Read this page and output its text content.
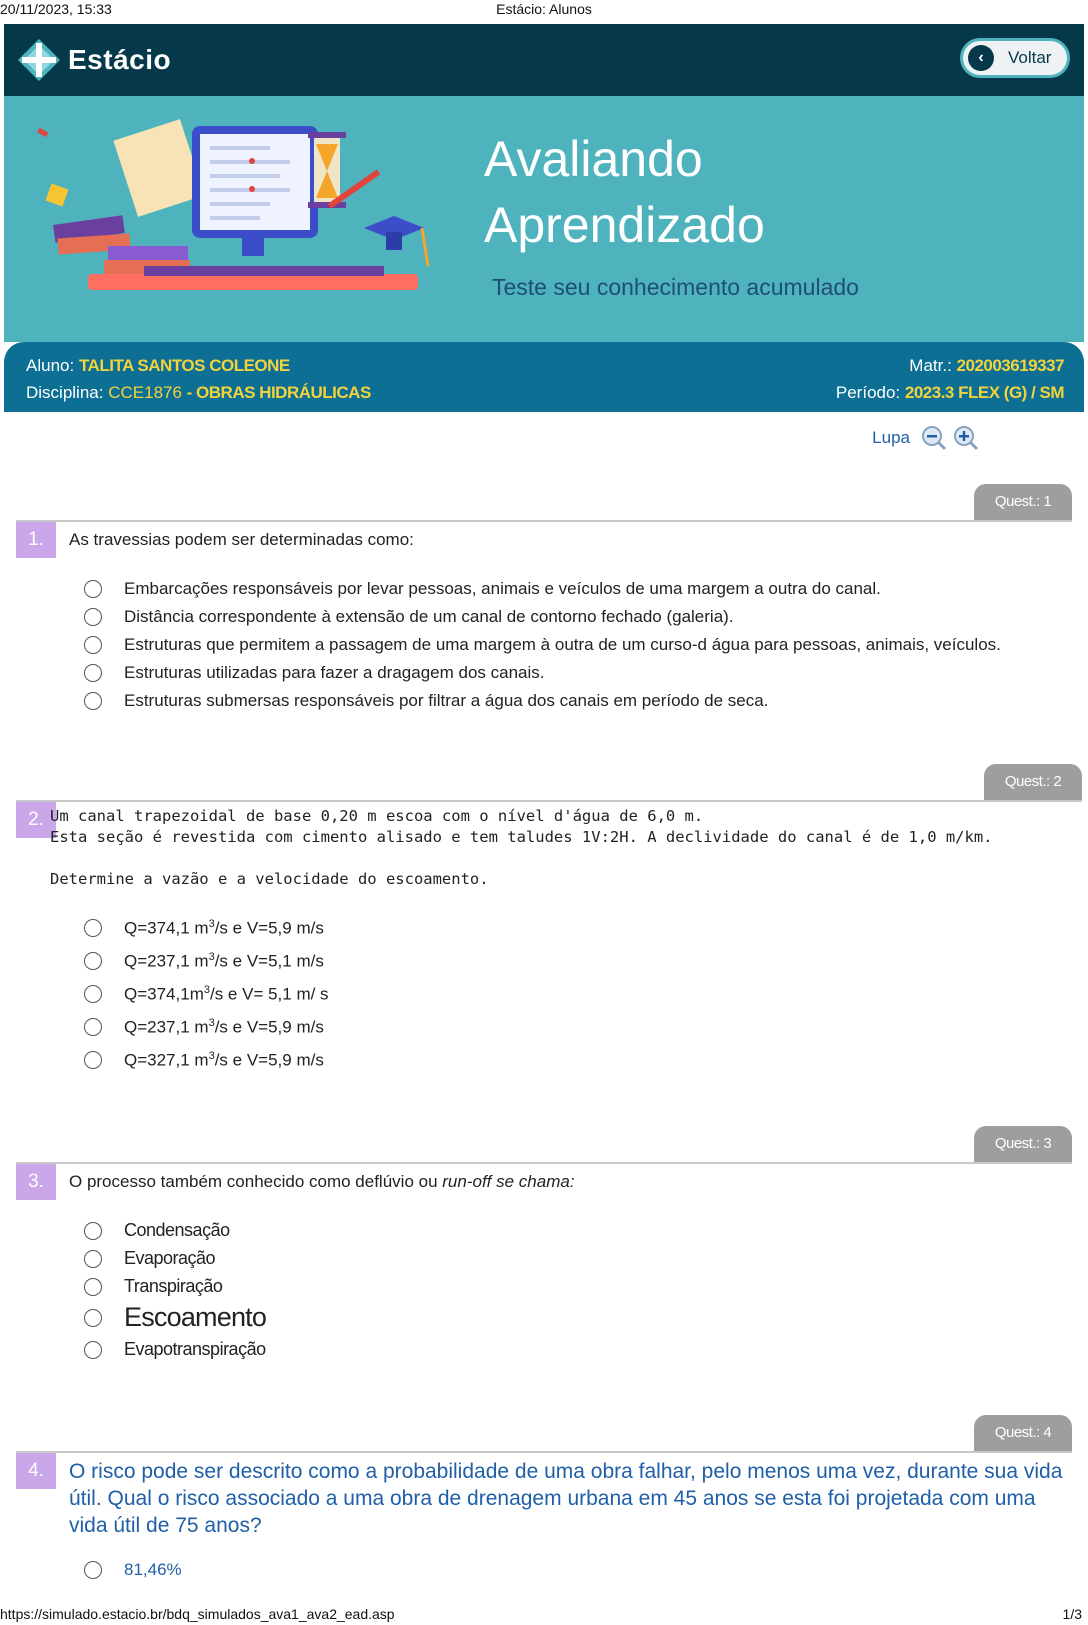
20/11/2023, 15:33	Estácio: Alunos
Estácio	‹	Voltar
Avaliando
Aprendizado
Teste seu conhecimento acumulado
Aluno: TALITA SANTOS COLEONE
Disciplina: CCE1876 - OBRAS HIDRÁULICAS
Matr.: 202003619337
Período: 2023.3 FLEX (G) / SM
Lupa
Quest.: 1
1.	As travessias podem ser determinadas como:
Embarcações responsáveis por levar pessoas, animais e veículos de uma margem a outra do canal.
Distância correspondente à extensão de um canal de contorno fechado (galeria).
Estruturas que permitem a passagem de uma margem à outra de um curso-d água para pessoas, animais, veículos.
Estruturas utilizadas para fazer a dragagem dos canais.
Estruturas submersas responsáveis por filtrar a água dos canais em período de seca.
Quest.: 2
2. Um canal trapezoidal de base 0,20 m escoa com o nível d'água de 6,0 m.
Esta seção é revestida com cimento alisado e tem taludes 1V:2H. A declividade do canal é de 1,0 m/km.
Determine a vazão e a velocidade do escoamento.
Q=374,1 $m^3/s$ e V=5,9 m/s
Q=237,1 $m^3/s$ e V=5,1 m/s
$Q=374,1m^3/s$ e V= 5,1 m/ s
Q=237,1 $m^3/s$ e V=5,9 m/s
Q=327,1 $m^3/s$ e V=5,9 m/s
Quest.: 3
3.	O processo também conhecido como deflúvio ou run-off se chama:
Condensação
Evaporação
Transpiração
Escoamento
Evapotranspiração
Quest.: 4
4.	O risco pode ser descrito como a probabilidade de uma obra falhar, pelo menos uma vez, durante sua vida útil. Qual o risco associado a uma obra de drenagem urbana em 45 anos se esta foi projetada com uma vida útil de 75 anos?
81,46%
https://simulado.estacio.br/bdq_simulados_ava1_ava2_ead.asp	1/3
